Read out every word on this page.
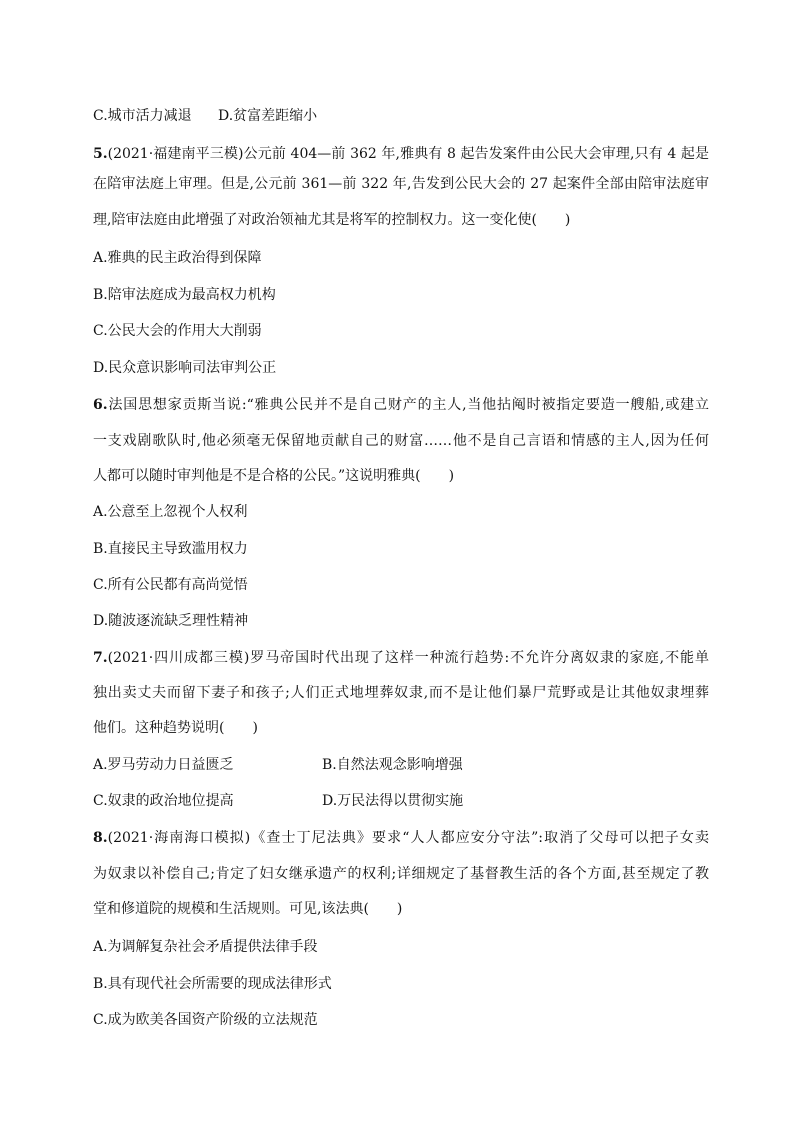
C.城市活力减退 D.贫富差距缩小
5.(2021·福建南平三模)公元前 404—前 362 年,雅典有 8 起告发案件由公民大会审理,只有 4 起是
在陪审法庭上审理。但是,公元前 361—前 322 年,告发到公民大会的 27 起案件全部由陪审法庭审
理,陪审法庭由此增强了对政治领袖尤其是将军的控制权力。这一变化使(　　)
A.雅典的民主政治得到保障
B.陪审法庭成为最高权力机构
C.公民大会的作用大大削弱
D.民众意识影响司法审判公正
6.法国思想家贡斯当说:“雅典公民并不是自己财产的主人,当他拈阄时被指定要造一艘船,或建立
一支戏剧歌队时,他必须毫无保留地贡献自己的财富……他不是自己言语和情感的主人,因为任何
人都可以随时审判他是不是合格的公民。”这说明雅典(　　)
A.公意至上忽视个人权利
B.直接民主导致滥用权力
C.所有公民都有高尚觉悟
D.随波逐流缺乏理性精神
7.(2021·四川成都三模)罗马帝国时代出现了这样一种流行趋势:不允许分离奴隶的家庭,不能单
独出卖丈夫而留下妻子和孩子;人们正式地埋葬奴隶,而不是让他们暴尸荒野或是让其他奴隶埋葬
他们。这种趋势说明(　　)
A.罗马劳动力日益匮乏	B.自然法观念影响增强
C.奴隶的政治地位提高	D.万民法得以贯彻实施
8.(2021·海南海口模拟)《查士丁尼法典》要求“人人都应安分守法”:取消了父母可以把子女卖
为奴隶以补偿自己;肯定了妇女继承遗产的权利;详细规定了基督教生活的各个方面,甚至规定了教
堂和修道院的规模和生活规则。可见,该法典(　　)
A.为调解复杂社会矛盾提供法律手段
B.具有现代社会所需要的现成法律形式
C.成为欧美各国资产阶级的立法规范
